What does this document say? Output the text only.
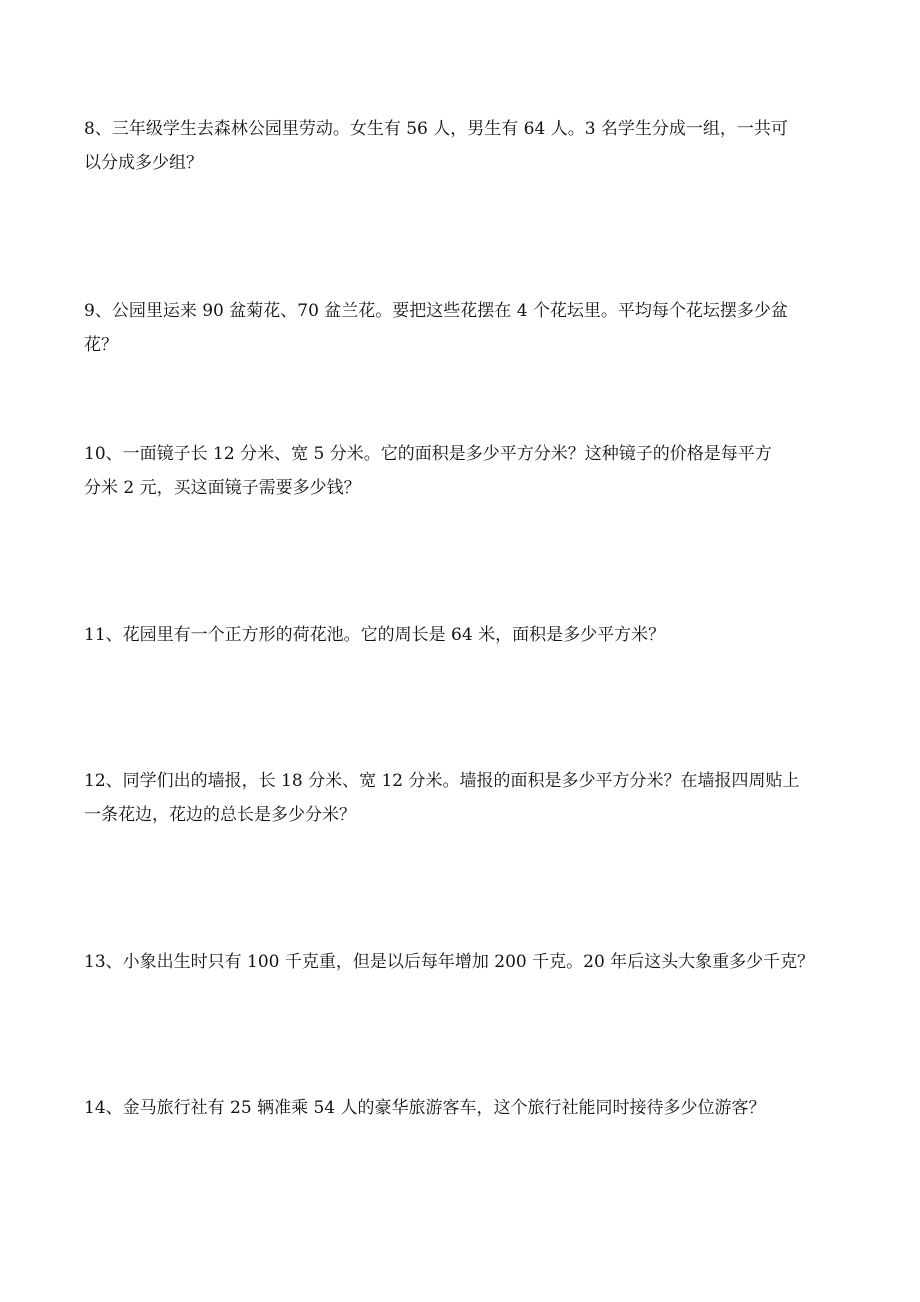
8、三年级学生去森林公园里劳动。女生有 56 人，男生有 64 人。3 名学生分成一组，一共可
以分成多少组？

9、公园里运来 90 盆菊花、70 盆兰花。要把这些花摆在 4 个花坛里。平均每个花坛摆多少盆
花？

10、一面镜子长 12 分米、宽 5 分米。它的面积是多少平方分米？这种镜子的价格是每平方
分米 2 元，买这面镜子需要多少钱？

11、花园里有一个正方形的荷花池。它的周长是 64 米，面积是多少平方米？

12、同学们出的墙报，长 18 分米、宽 12 分米。墙报的面积是多少平方分米？在墙报四周贴上
一条花边，花边的总长是多少分米？

13、小象出生时只有 100 千克重，但是以后每年增加 200 千克。20 年后这头大象重多少千克？

14、金马旅行社有 25 辆准乘 54 人的豪华旅游客车，这个旅行社能同时接待多少位游客？
